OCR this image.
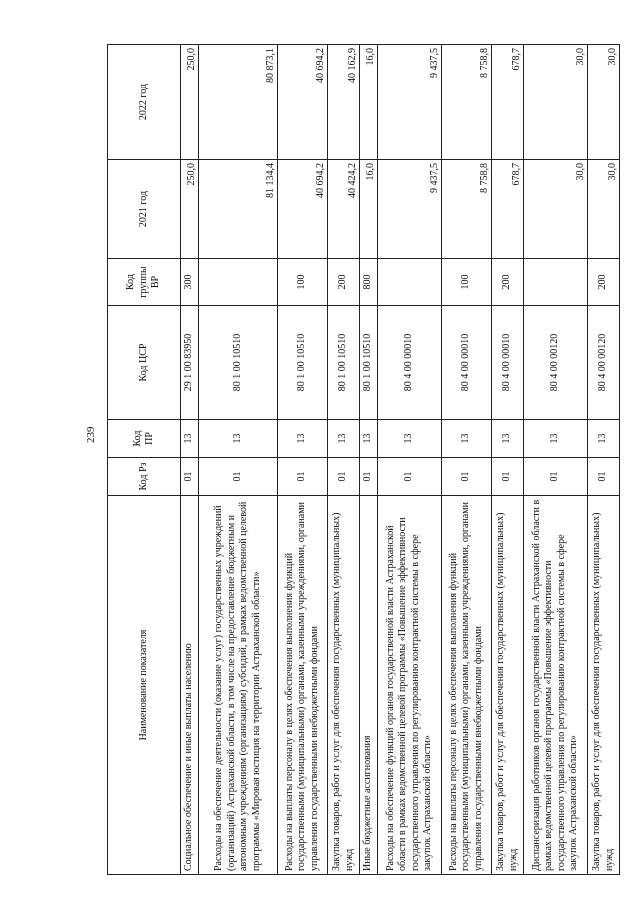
239
Наименование показателя	Код Рз	Код ПР	Код ЦСР	Код группы ВР	2021 год	2022 год
Социальное обеспечение и иные выплаты населению	01	13	29 1 00 83950	300	250,0	250,0
Расходы на обеспечение деятельности (оказание услуг) государственных учреждений (организаций) Астраханской области, в том числе на предоставление бюджетным и автономным учреждениям (организациям) субсидий, в рамках ведомственной целевой программы «Мировая юстиция на территории Астраханской области»	01	13	80 1 00 10510		81 134,4	80 873,1
Расходы на выплаты персоналу в целях обеспечения выполнения функций государственными (муниципальными) органами, казенными учреждениями, органами управления государственными внебюджетными фондами	01	13	80 1 00 10510	100	40 694,2	40 694,2
Закупка товаров, работ и услуг для обеспечения государственных (муниципальных) нужд	01	13	80 1 00 10510	200	40 424,2	40 162,9
Иные бюджетные ассигнования	01	13	80 1 00 10510	800	16,0	16,0
Расходы на обеспечение функций органов государственной власти Астраханской области в рамках ведомственной целевой программы «Повышение эффективности государственного управления по регулированию контрактной системы в сфере закупок Астраханской области»	01	13	80 4 00 00010		9 437,5	9 437,5
Расходы на выплаты персоналу в целях обеспечения выполнения функций государственными (муниципальными) органами, казенными учреждениями, органами управления государственными внебюджетными фондами	01	13	80 4 00 00010	100	8 758,8	8 758,8
Закупка товаров, работ и услуг для обеспечения государственных (муниципальных) нужд	01	13	80 4 00 00010	200	678,7	678,7
Диспансеризация работников органов государственной власти Астраханской области в рамках ведомственной целевой программы «Повышение эффективности государственного управления по регулированию контрактной системы в сфере закупок Астраханской области»	01	13	80 4 00 00120		30,0	30,0
Закупка товаров, работ и услуг для обеспечения государственных (муниципальных) нужд	01	13	80 4 00 00120	200	30,0	30,0
